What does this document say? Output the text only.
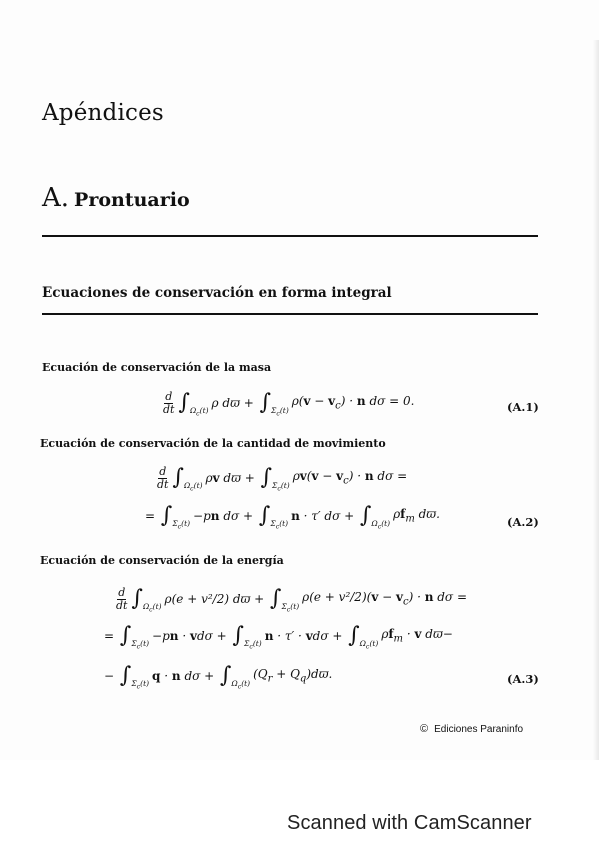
Apéndices
A. Prontuario
Ecuaciones de conservación en forma integral
Ecuación de conservación de la masa
$\frac{d}{dt}$ ∫ $\Omega_c(t)$
ρ dϖ + ∫ $\Sigma_c(t)$
$\rho(v - v_c) \cdot n$ dσ = 0.	(A.1)
Ecuación de conservación de la cantidad de movimiento
$\frac{d}{dt}$ ∫ $\Omega_c(t)$
ρv dϖ + ∫ $\Sigma_c(t)$
$\rho v(v - v_c) \cdot n$ dσ =
= ∫ $\Sigma_c(t)$
−pn dσ + ∫ $\Sigma_c(t)$
n · τ′ dσ + ∫ $\Omega_c(t)$
$\rho f_m$ dϖ.
(A.2)
Ecuación de conservación de la energía
$\frac{d}{dt}$ ∫ $\Omega_c(t)$
ρ(e + v²/2) dϖ + ∫ $\Sigma_c(t)$
$\rho(e + v^2/2)(v - v_c) \cdot n$ dσ =
= ∫ $\Sigma_c(t)$
−pn · vdσ + ∫ $\Sigma_c(t)$
n · τ′ · vdσ + ∫ $\Omega_c(t)$
$\rho f_m \cdot v$ dϖ−
− ∫ $\Sigma_c(t)$
q · n dσ + ∫ $\Omega_c(t)$
$(Q_r + Q_q)dϖ$.	(A.3)
© Ediciones Paraninfo
Scanned with CamScanner
